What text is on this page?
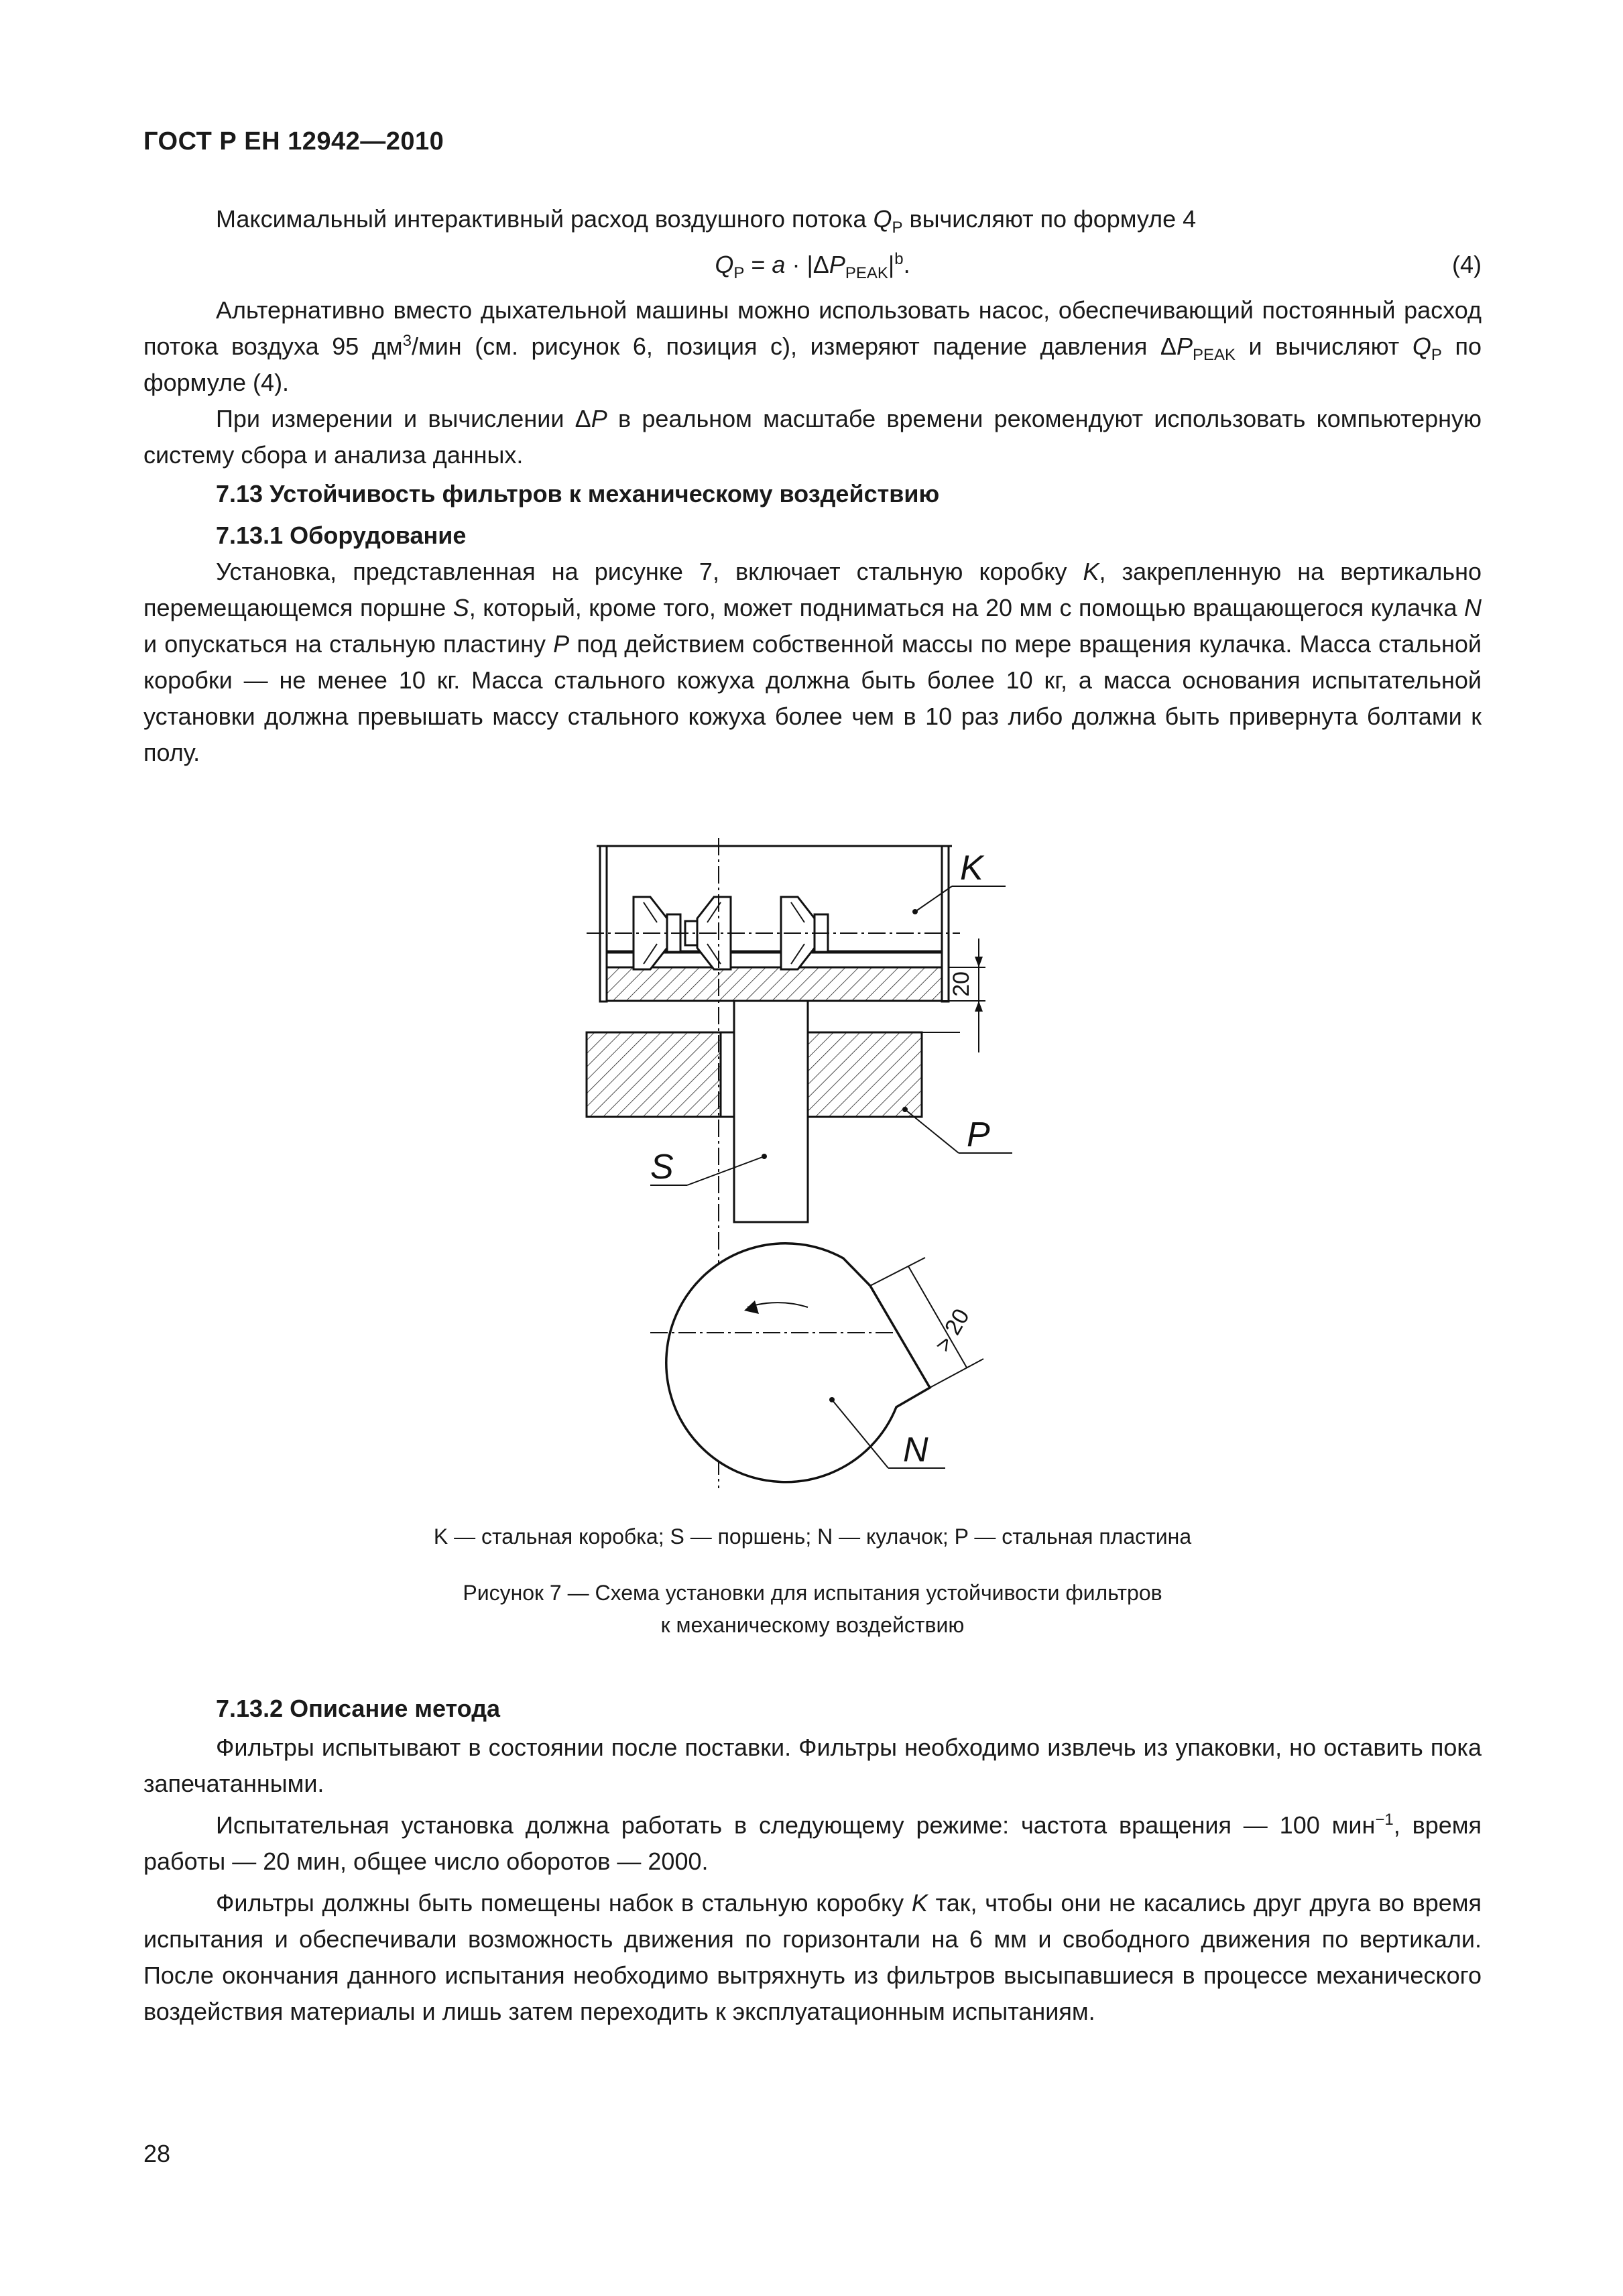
ГОСТ Р ЕН 12942—2010

Максимальный интерактивный расход воздушного потока $Q_P$ вычисляют по формуле 4

$Q_P = a \cdot |\Delta P_{PEAK}|^b$.	(4)

Альтернативно вместо дыхательной машины можно использовать насос, обеспечивающий постоянный расход потока воздуха 95 $дм^3$/мин (см. рисунок 6, позиция с), измеряют падение давления $\Delta P_{PEAK}$ и вычисляют $Q_P$ по формуле (4).

При измерении и вычислении ΔP в реальном масштабе времени рекомендуют использовать компьютерную систему сбора и анализа данных.

7.13 Устойчивость фильтров к механическому воздействию

7.13.1 Оборудование

Установка, представленная на рисунке 7, включает стальную коробку K, закрепленную на вертикально перемещающемся поршне S, который, кроме того, может подниматься на 20 мм с помощью вращающегося кулачка N и опускаться на стальную пластину P под действием собственной массы по мере вращения кулачка. Масса стальной коробки — не менее 10 кг. Масса стального кожуха должна быть более 10 кг, а масса основания испытательной установки должна превышать массу стального кожуха более чем в 10 раз либо должна быть привернута болтами к полу.

20
> 20
K
P
S
N
K — стальная коробка; S — поршень; N — кулачок; P — стальная пластина
Рисунок 7 — Схема установки для испытания устойчивости фильтров
к механическому воздействию

7.13.2 Описание метода

Фильтры испытывают в состоянии после поставки. Фильтры необходимо извлечь из упаковки, но оставить пока запечатанными.

Испытательная установка должна работать в следующему режиме: частота вращения — 100 мин$^{-1}$, время работы — 20 мин, общее число оборотов — 2000.

Фильтры должны быть помещены набок в стальную коробку K так, чтобы они не касались друг друга во время испытания и обеспечивали возможность движения по горизонтали на 6 мм и свободного движения по вертикали. После окончания данного испытания необходимо вытряхнуть из фильтров высыпавшиеся в процессе механического воздействия материалы и лишь затем переходить к эксплуатационным испытаниям.

28
